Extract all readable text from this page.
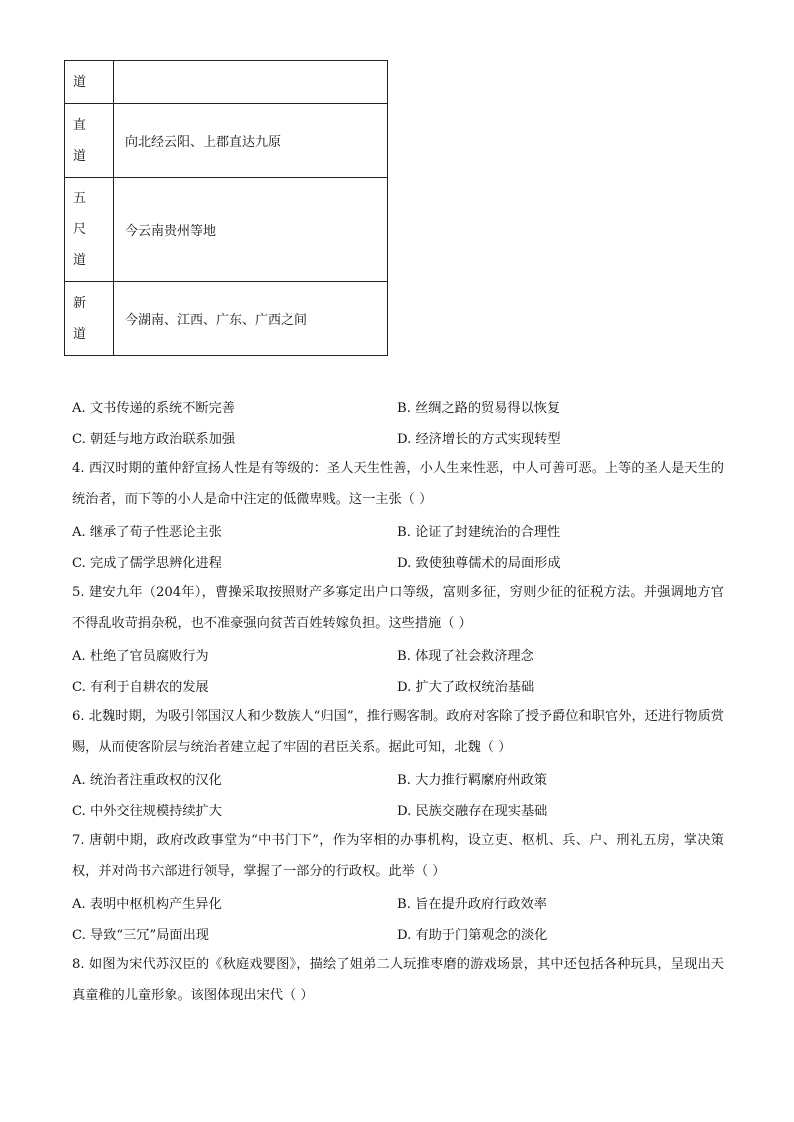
道	

直
道	向北经云阳、上郡直达九原

五
尺
道	今云南贵州等地

新
道	今湖南、江西、广东、广西之间
A. 文书传递的系统不断完善	B. 丝绸之路的贸易得以恢复
C. 朝廷与地方政治联系加强	D. 经济增长的方式实现转型
4. 西汉时期的董仲舒宣扬人性是有等级的：圣人天生性善，小人生来性恶，中人可善可恶。上等的圣人是天生的统治者，而下等的小人是命中注定的低微卑贱。这一主张（ ）
A. 继承了荀子性恶论主张	B. 论证了封建统治的合理性
C. 完成了儒学思辨化进程	D. 致使独尊儒术的局面形成
5. 建安九年（204年），曹操采取按照财产多寡定出户口等级，富则多征，穷则少征的征税方法。并强调地方官不得乱收苛捐杂税，也不准豪强向贫苦百姓转嫁负担。这些措施（ ）
A. 杜绝了官员腐败行为	B. 体现了社会救济理念
C. 有利于自耕农的发展	D. 扩大了政权统治基础
6. 北魏时期，为吸引邻国汉人和少数族人“归国”，推行赐客制。政府对客除了授予爵位和职官外，还进行物质赏赐，从而使客阶层与统治者建立起了牢固的君臣关系。据此可知，北魏（ ）
A. 统治者注重政权的汉化	B. 大力推行羁縻府州政策
C. 中外交往规模持续扩大	D. 民族交融存在现实基础
7. 唐朝中期，政府改政事堂为“中书门下”，作为宰相的办事机构，设立吏、枢机、兵、户、刑礼五房，掌决策权，并对尚书六部进行领导，掌握了一部分的行政权。此举（ ）
A. 表明中枢机构产生异化	B. 旨在提升政府行政效率
C. 导致“三冗”局面出现	D. 有助于门第观念的淡化
8. 如图为宋代苏汉臣的《秋庭戏婴图》，描绘了姐弟二人玩推枣磨的游戏场景，其中还包括各种玩具，呈现出天真童稚的儿童形象。该图体现出宋代（ ）
